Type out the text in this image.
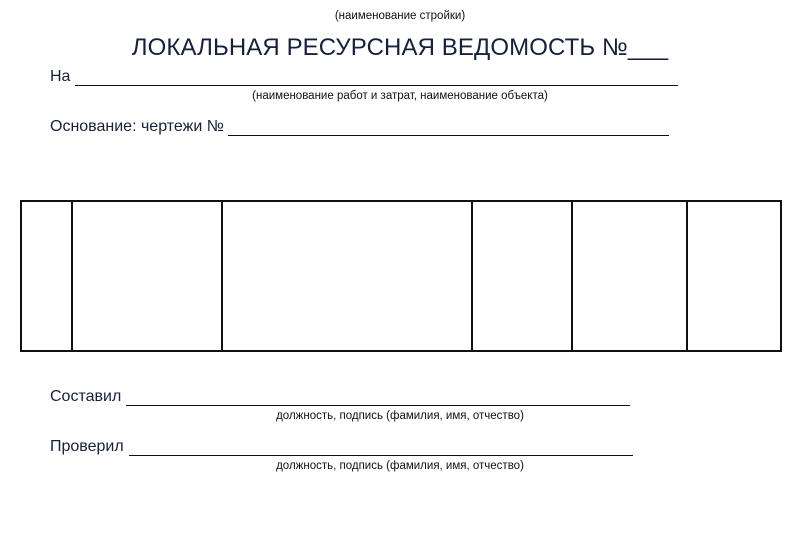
(наименование стройки)
ЛОКАЛЬНАЯ РЕСУРСНАЯ ВЕДОМОСТЬ №___
На
(наименование работ и затрат, наименование объекта)
Основание: чертежи №
Составил
должность, подпись (фамилия, имя, отчество)
Проверил
должность, подпись (фамилия, имя, отчество)
